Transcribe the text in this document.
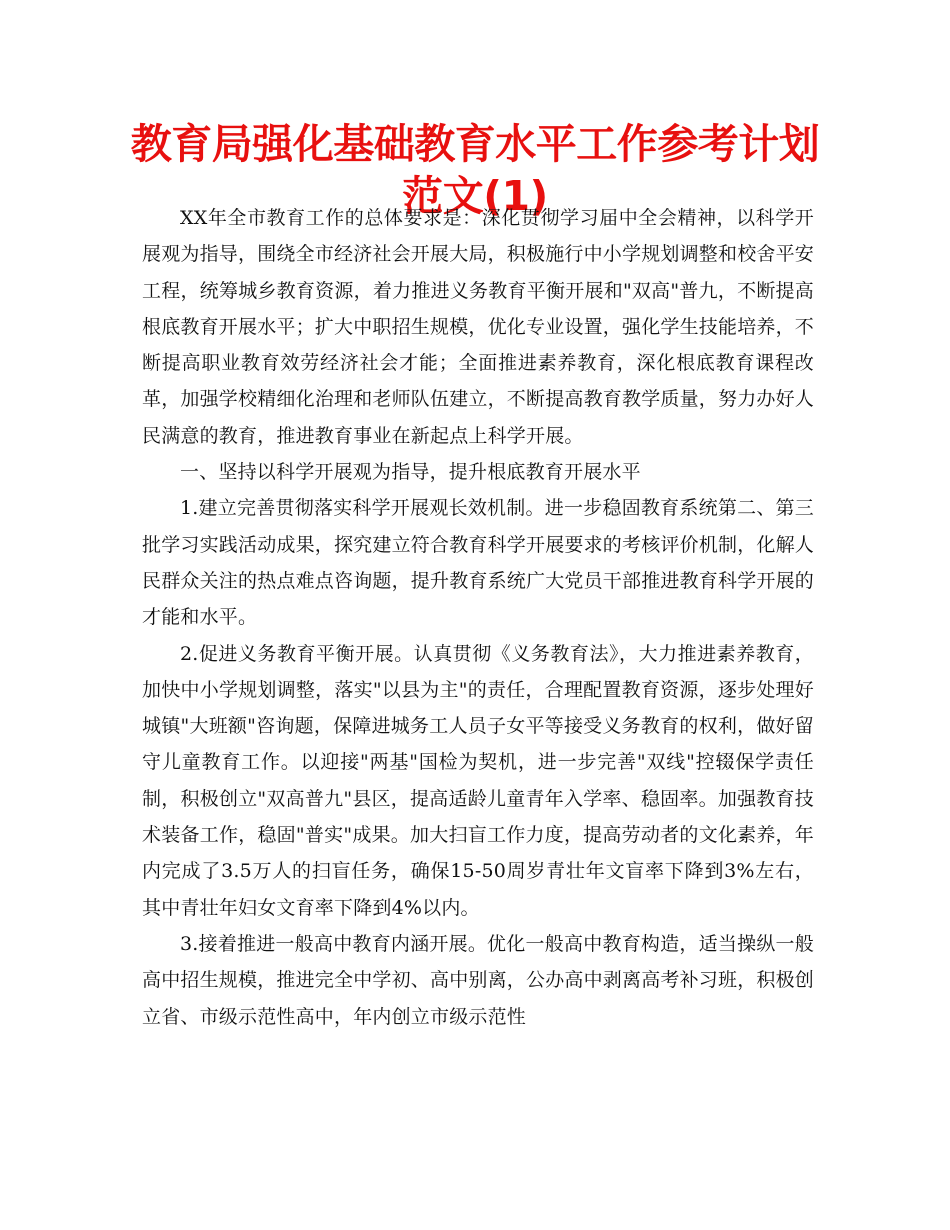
教育局强化基础教育水平工作参考计划范文(1)

XX年全市教育工作的总体要求是：深化贯彻学习届中全会精神，以科学开展观为指导，围绕全市经济社会开展大局，积极施行中小学规划调整和校舍平安工程，统筹城乡教育资源，着力推进义务教育平衡开展和"双高"普九，不断提高根底教育开展水平；扩大中职招生规模，优化专业设置，强化学生技能培养，不断提高职业教育效劳经济社会才能；全面推进素养教育，深化根底教育课程改革，加强学校精细化治理和老师队伍建立，不断提高教育教学质量，努力办好人民满意的教育，推进教育事业在新起点上科学开展。

一、坚持以科学开展观为指导，提升根底教育开展水平

1.建立完善贯彻落实科学开展观长效机制。进一步稳固教育系统第二、第三批学习实践活动成果，探究建立符合教育科学开展要求的考核评价机制，化解人民群众关注的热点难点咨询题，提升教育系统广大党员干部推进教育科学开展的才能和水平。

2.促进义务教育平衡开展。认真贯彻《义务教育法》，大力推进素养教育，加快中小学规划调整，落实"以县为主"的责任，合理配置教育资源，逐步处理好城镇"大班额"咨询题，保障进城务工人员子女平等接受义务教育的权利，做好留守儿童教育工作。以迎接"两基"国检为契机，进一步完善"双线"控辍保学责任制，积极创立"双高普九"县区，提高适龄儿童青年入学率、稳固率。加强教育技术装备工作，稳固"普实"成果。加大扫盲工作力度，提高劳动者的文化素养，年内完成了3.5万人的扫盲任务，确保15-50周岁青壮年文盲率下降到3%左右，其中青壮年妇女文育率下降到4%以内。

3.接着推进一般高中教育内涵开展。优化一般高中教育构造，适当操纵一般高中招生规模，推进完全中学初、高中别离，公办高中剥离高考补习班，积极创立省、市级示范性高中，年内创立市级示范性
